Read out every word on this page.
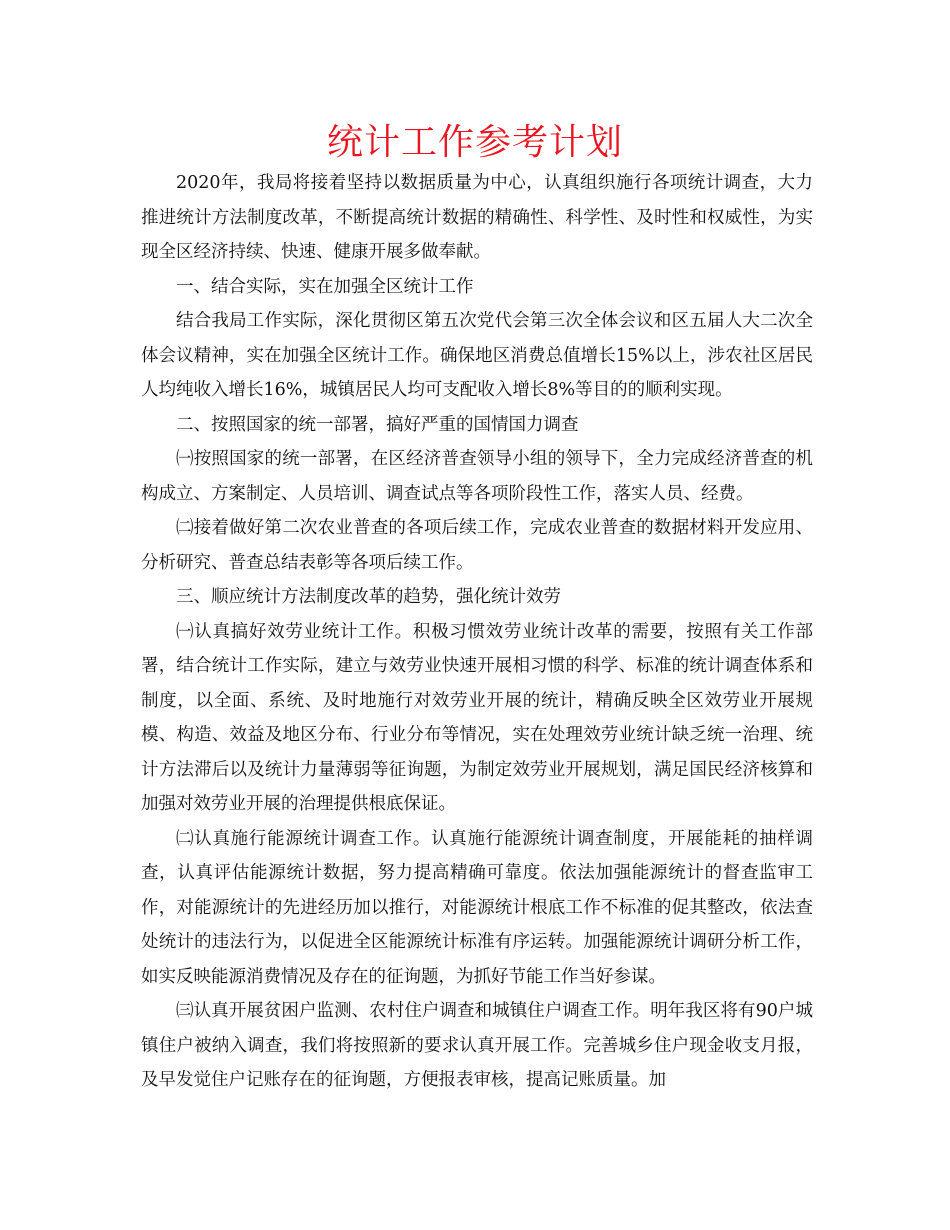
统计工作参考计划

2020年，我局将接着坚持以数据质量为中心，认真组织施行各项统计调查，大力推进统计方法制度改革，不断提高统计数据的精确性、科学性、及时性和权威性，为实现全区经济持续、快速、健康开展多做奉献。

一、结合实际，实在加强全区统计工作

结合我局工作实际，深化贯彻区第五次党代会第三次全体会议和区五届人大二次全体会议精神，实在加强全区统计工作。确保地区消费总值增长15%以上，涉农社区居民人均纯收入增长16%，城镇居民人均可支配收入增长8%等目的的顺利实现。

二、按照国家的统一部署，搞好严重的国情国力调查

㈠按照国家的统一部署，在区经济普查领导小组的领导下，全力完成经济普查的机构成立、方案制定、人员培训、调查试点等各项阶段性工作，落实人员、经费。

㈡接着做好第二次农业普查的各项后续工作，完成农业普查的数据材料开发应用、分析研究、普查总结表彰等各项后续工作。

三、顺应统计方法制度改革的趋势，强化统计效劳

㈠认真搞好效劳业统计工作。积极习惯效劳业统计改革的需要，按照有关工作部署，结合统计工作实际，建立与效劳业快速开展相习惯的科学、标准的统计调查体系和制度，以全面、系统、及时地施行对效劳业开展的统计，精确反映全区效劳业开展规模、构造、效益及地区分布、行业分布等情况，实在处理效劳业统计缺乏统一治理、统计方法滞后以及统计力量薄弱等征询题，为制定效劳业开展规划，满足国民经济核算和加强对效劳业开展的治理提供根底保证。

㈡认真施行能源统计调查工作。认真施行能源统计调查制度，开展能耗的抽样调查，认真评估能源统计数据，努力提高精确可靠度。依法加强能源统计的督查监审工作，对能源统计的先进经历加以推行，对能源统计根底工作不标准的促其整改，依法查处统计的违法行为，以促进全区能源统计标准有序运转。加强能源统计调研分析工作，如实反映能源消费情况及存在的征询题，为抓好节能工作当好参谋。

㈢认真开展贫困户监测、农村住户调查和城镇住户调查工作。明年我区将有90户城镇住户被纳入调查，我们将按照新的要求认真开展工作。完善城乡住户现金收支月报，及早发觉住户记账存在的征询题，方便报表审核，提高记账质量。加
